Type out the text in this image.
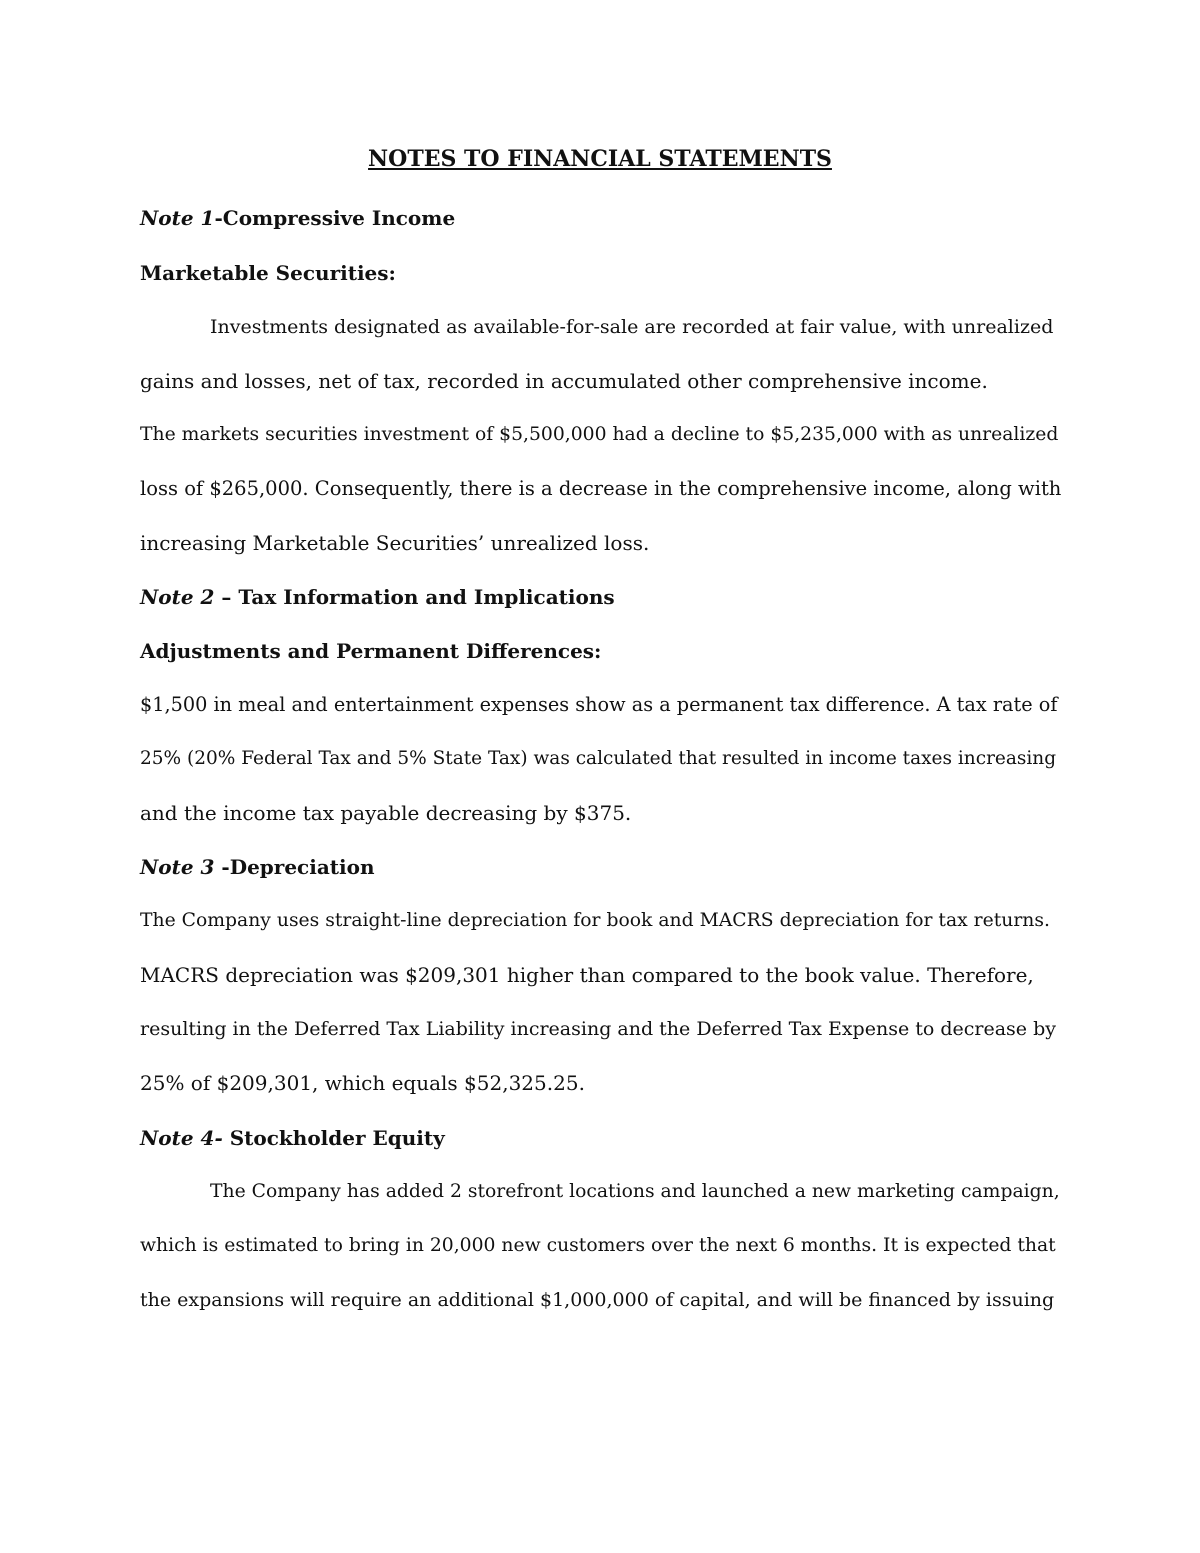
NOTES TO FINANCIAL STATEMENTS

Note 1-Compressive Income

Marketable Securities:

Investments designated as available-for-sale are recorded at fair value, with unrealized

gains and losses, net of tax, recorded in accumulated other comprehensive income.

The markets securities investment of $5,500,000 had a decline to $5,235,000 with as unrealized

loss of $265,000. Consequently, there is a decrease in the comprehensive income, along with

increasing Marketable Securities’ unrealized loss.

Note 2 – Tax Information and Implications

Adjustments and Permanent Differences:

$1,500 in meal and entertainment expenses show as a permanent tax difference. A tax rate of

25% (20% Federal Tax and 5% State Tax) was calculated that resulted in income taxes increasing

and the income tax payable decreasing by $375.

Note 3 -Depreciation

The Company uses straight-line depreciation for book and MACRS depreciation for tax returns.

MACRS depreciation was $209,301 higher than compared to the book value. Therefore,

resulting in the Deferred Tax Liability increasing and the Deferred Tax Expense to decrease by

25% of $209,301, which equals $52,325.25.

Note 4- Stockholder Equity

The Company has added 2 storefront locations and launched a new marketing campaign,

which is estimated to bring in 20,000 new customers over the next 6 months. It is expected that

the expansions will require an additional $1,000,000 of capital, and will be financed by issuing
